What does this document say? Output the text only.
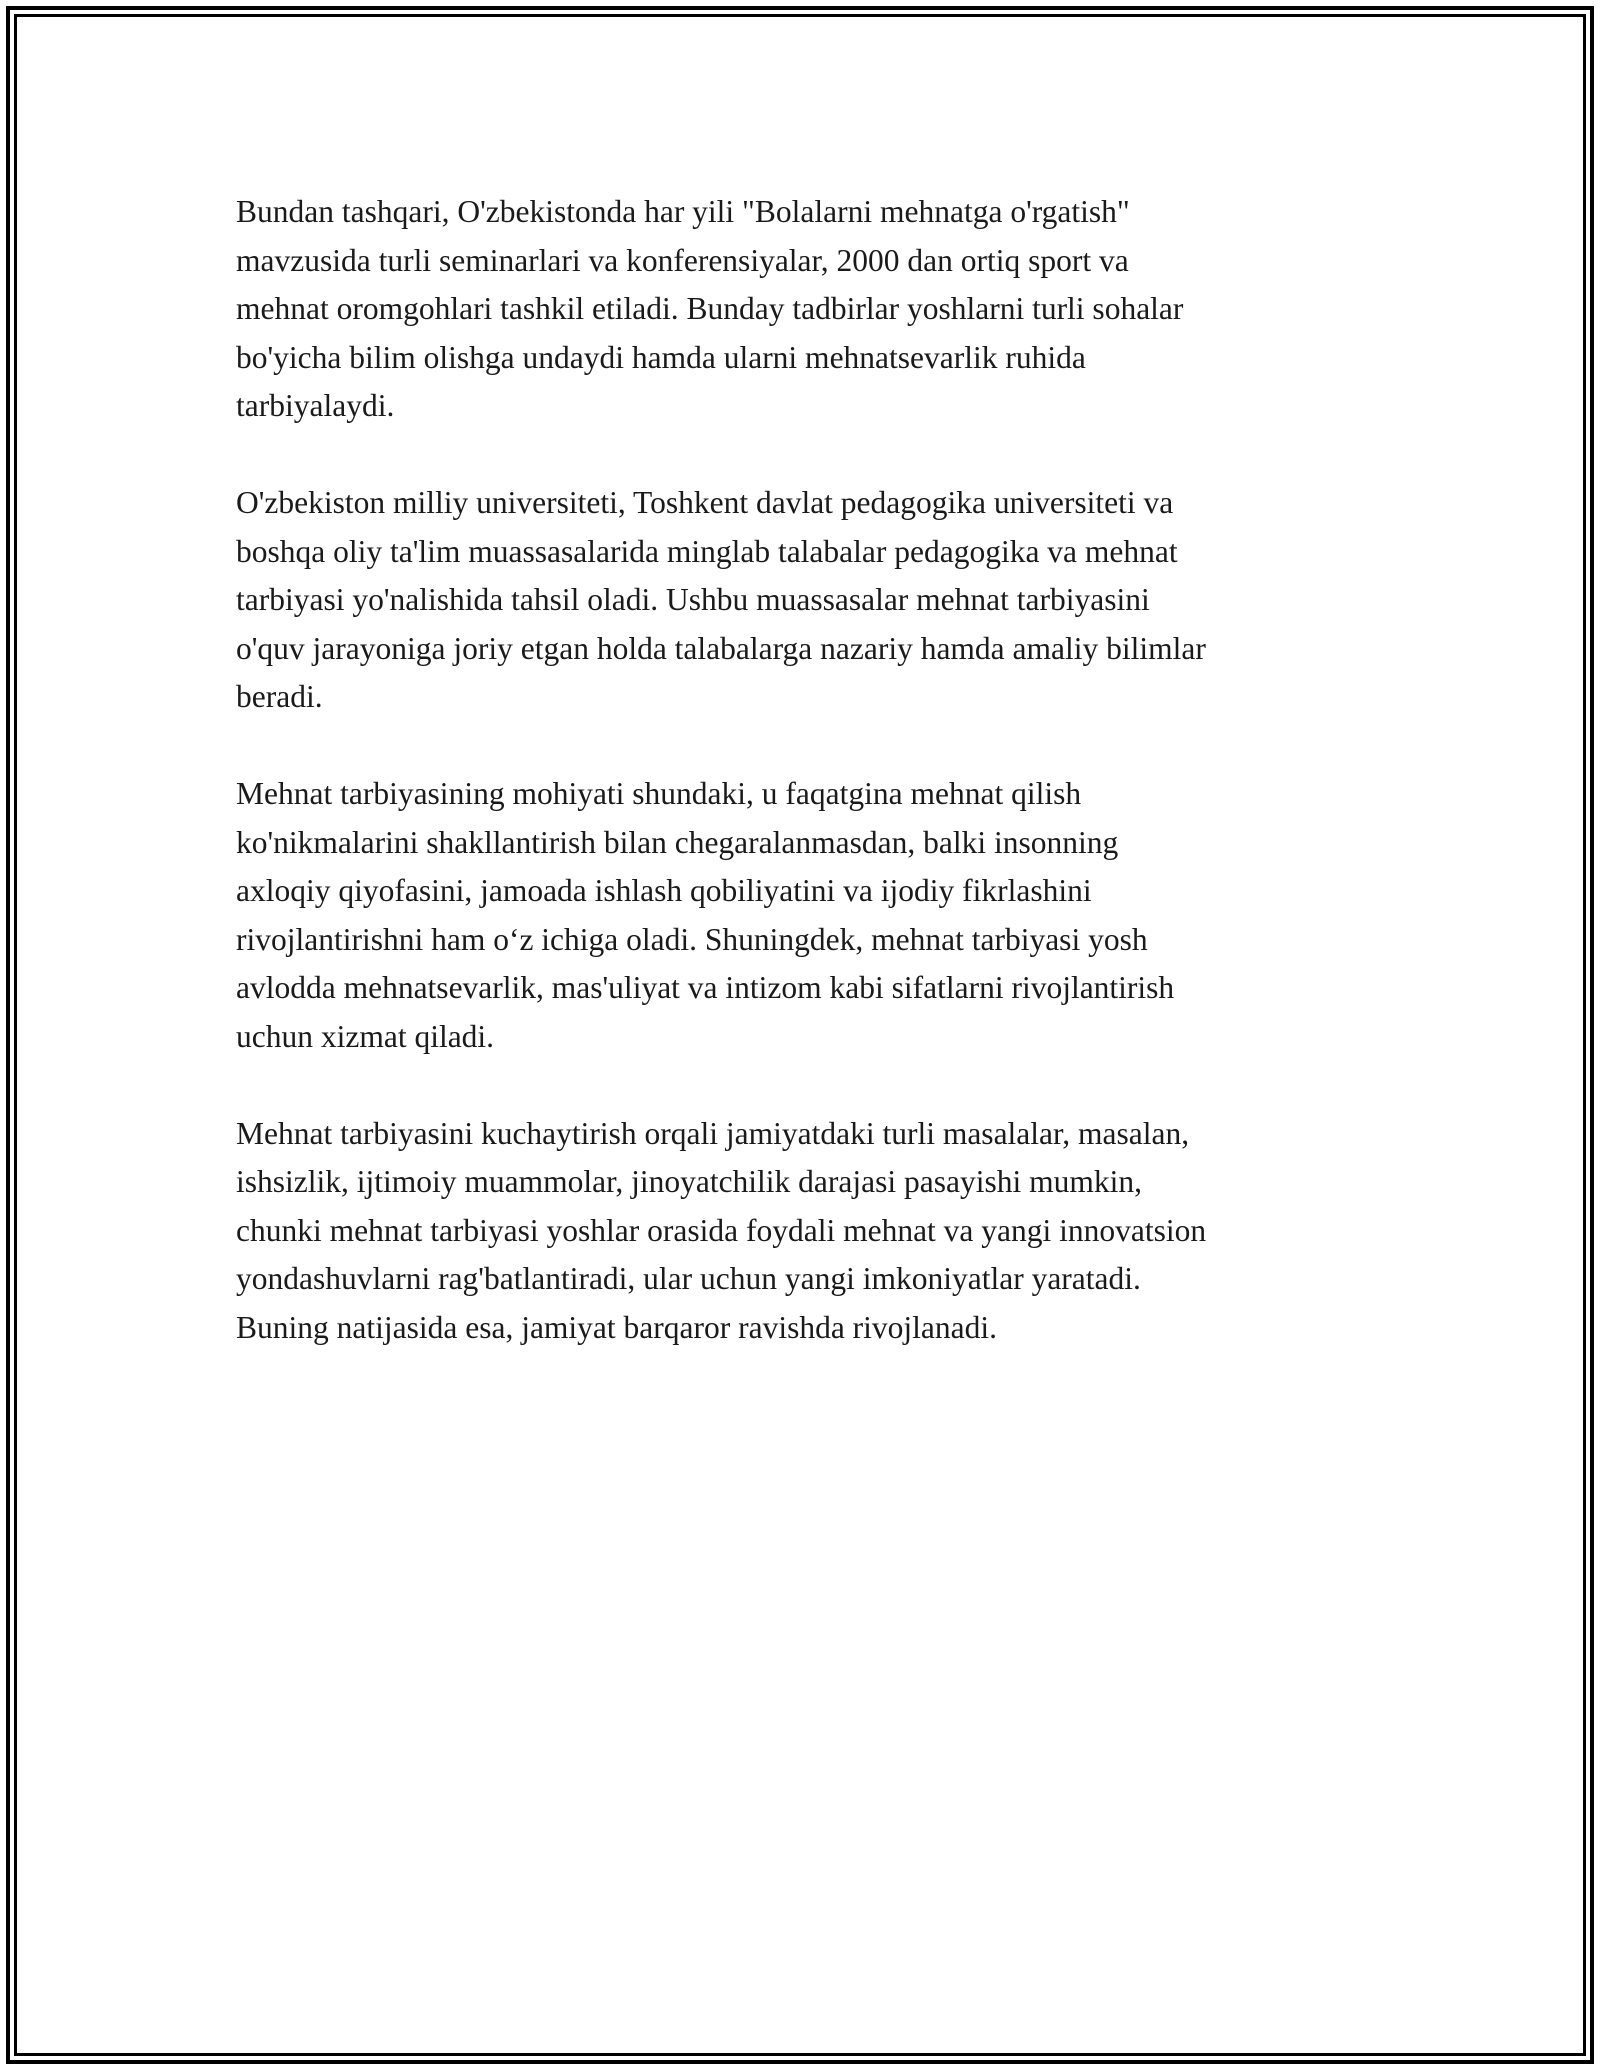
Bundan tashqari, O'zbekistonda har yili "Bolalarni mehnatga o'rgatish"
mavzusida turli seminarlari va konferensiyalar, 2000 dan ortiq sport va
mehnat oromgohlari tashkil etiladi. Bunday tadbirlar yoshlarni turli sohalar
bo'yicha bilim olishga undaydi hamda ularni mehnatsevarlik ruhida
tarbiyalaydi.

O'zbekiston milliy universiteti, Toshkent davlat pedagogika universiteti va
boshqa oliy ta'lim muassasalarida minglab talabalar pedagogika va mehnat
tarbiyasi yo'nalishida tahsil oladi. Ushbu muassasalar mehnat tarbiyasini
o'quv jarayoniga joriy etgan holda talabalarga nazariy hamda amaliy bilimlar
beradi.

Mehnat tarbiyasining mohiyati shundaki, u faqatgina mehnat qilish
ko'nikmalarini shakllantirish bilan chegaralanmasdan, balki insonning
axloqiy qiyofasini, jamoada ishlash qobiliyatini va ijodiy fikrlashini
rivojlantirishni ham o‘z ichiga oladi. Shuningdek, mehnat tarbiyasi yosh
avlodda mehnatsevarlik, mas'uliyat va intizom kabi sifatlarni rivojlantirish
uchun xizmat qiladi.

Mehnat tarbiyasini kuchaytirish orqali jamiyatdaki turli masalalar, masalan,
ishsizlik, ijtimoiy muammolar, jinoyatchilik darajasi pasayishi mumkin,
chunki mehnat tarbiyasi yoshlar orasida foydali mehnat va yangi innovatsion
yondashuvlarni rag'batlantiradi, ular uchun yangi imkoniyatlar yaratadi.
Buning natijasida esa, jamiyat barqaror ravishda rivojlanadi.
